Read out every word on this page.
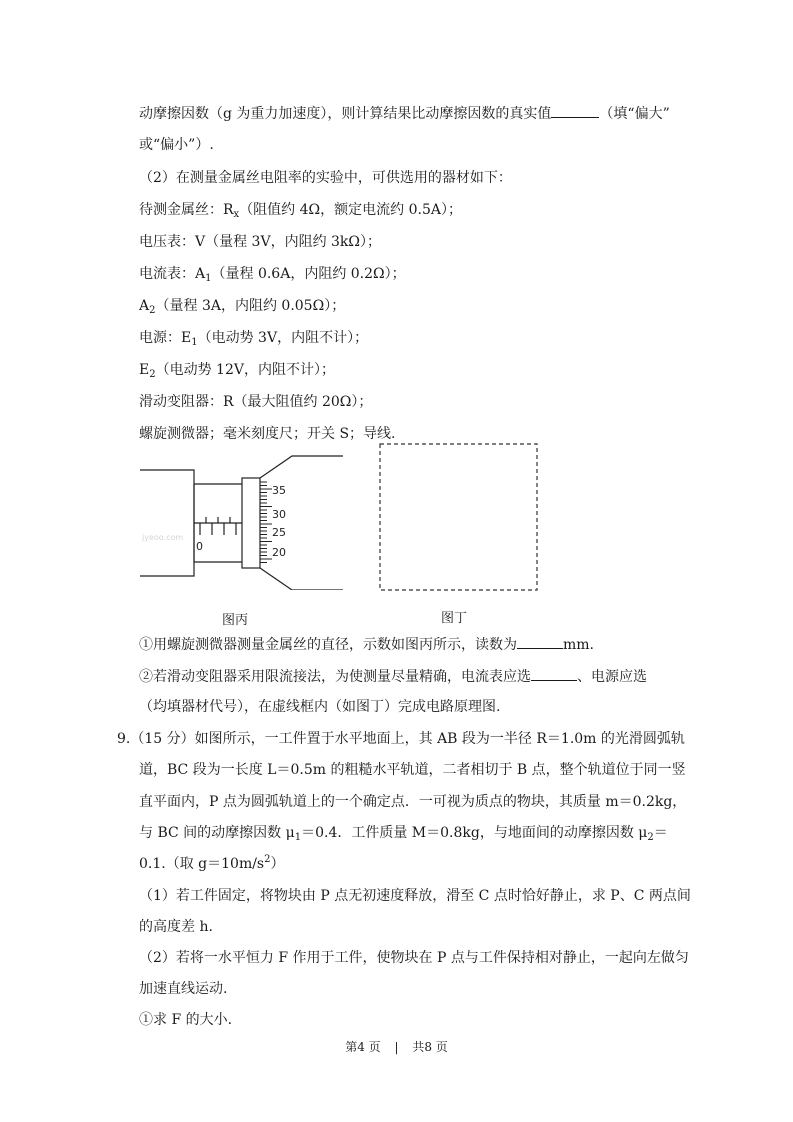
动摩擦因数（g 为重力加速度），则计算结果比动摩擦因数的真实值	（填“偏大”
或“偏小”）.
（2）在测量金属丝电阻率的实验中，可供选用的器材如下：
待测金属丝：$R_x$（阻值约 4Ω，额定电流约 0.5A）；
电压表：V（量程 3V，内阻约 3kΩ）；
电流表：$A_1$（量程 0.6A，内阻约 0.2Ω）；
$A_2$（量程 3A，内阻约 0.05Ω）；
电源：$E_1$（电动势 3V，内阻不计）；
$E_2$（电动势 12V，内阻不计）；
滑动变阻器：R（最大阻值约 20Ω）；
螺旋测微器；毫米刻度尺；开关 S；导线.
0
jyeoo.com
35
30
25
20
图丙	图丁
①用螺旋测微器测量金属丝的直径，示数如图丙所示，读数为	mm.
②若滑动变阻器采用限流接法，为使测量尽量精确，电流表应选	、电源应选
（均填器材代号），在虚线框内（如图丁）完成电路原理图.
9.（15 分）如图所示，一工件置于水平地面上，其 AB 段为一半径 R＝1.0m 的光滑圆弧轨
道，BC 段为一长度 L＝0.5m 的粗糙水平轨道，二者相切于 B 点，整个轨道位于同一竖
直平面内，P 点为圆弧轨道上的一个确定点．一可视为质点的物块，其质量 m＝0.2kg，
与 BC 间的动摩擦因数 $\mu_1=0.4$．工件质量 M＝0.8kg，与地面间的动摩擦因数 $\mu_2=$
0.1.（取 $g=10m/s^2$）
（1）若工件固定，将物块由 P 点无初速度释放，滑至 C 点时恰好静止，求 P、C 两点间
的高度差 h.
（2）若将一水平恒力 F 作用于工件，使物块在 P 点与工件保持相对静止，一起向左做匀
加速直线运动.
①求 F 的大小.
第4 页 | 共8 页
